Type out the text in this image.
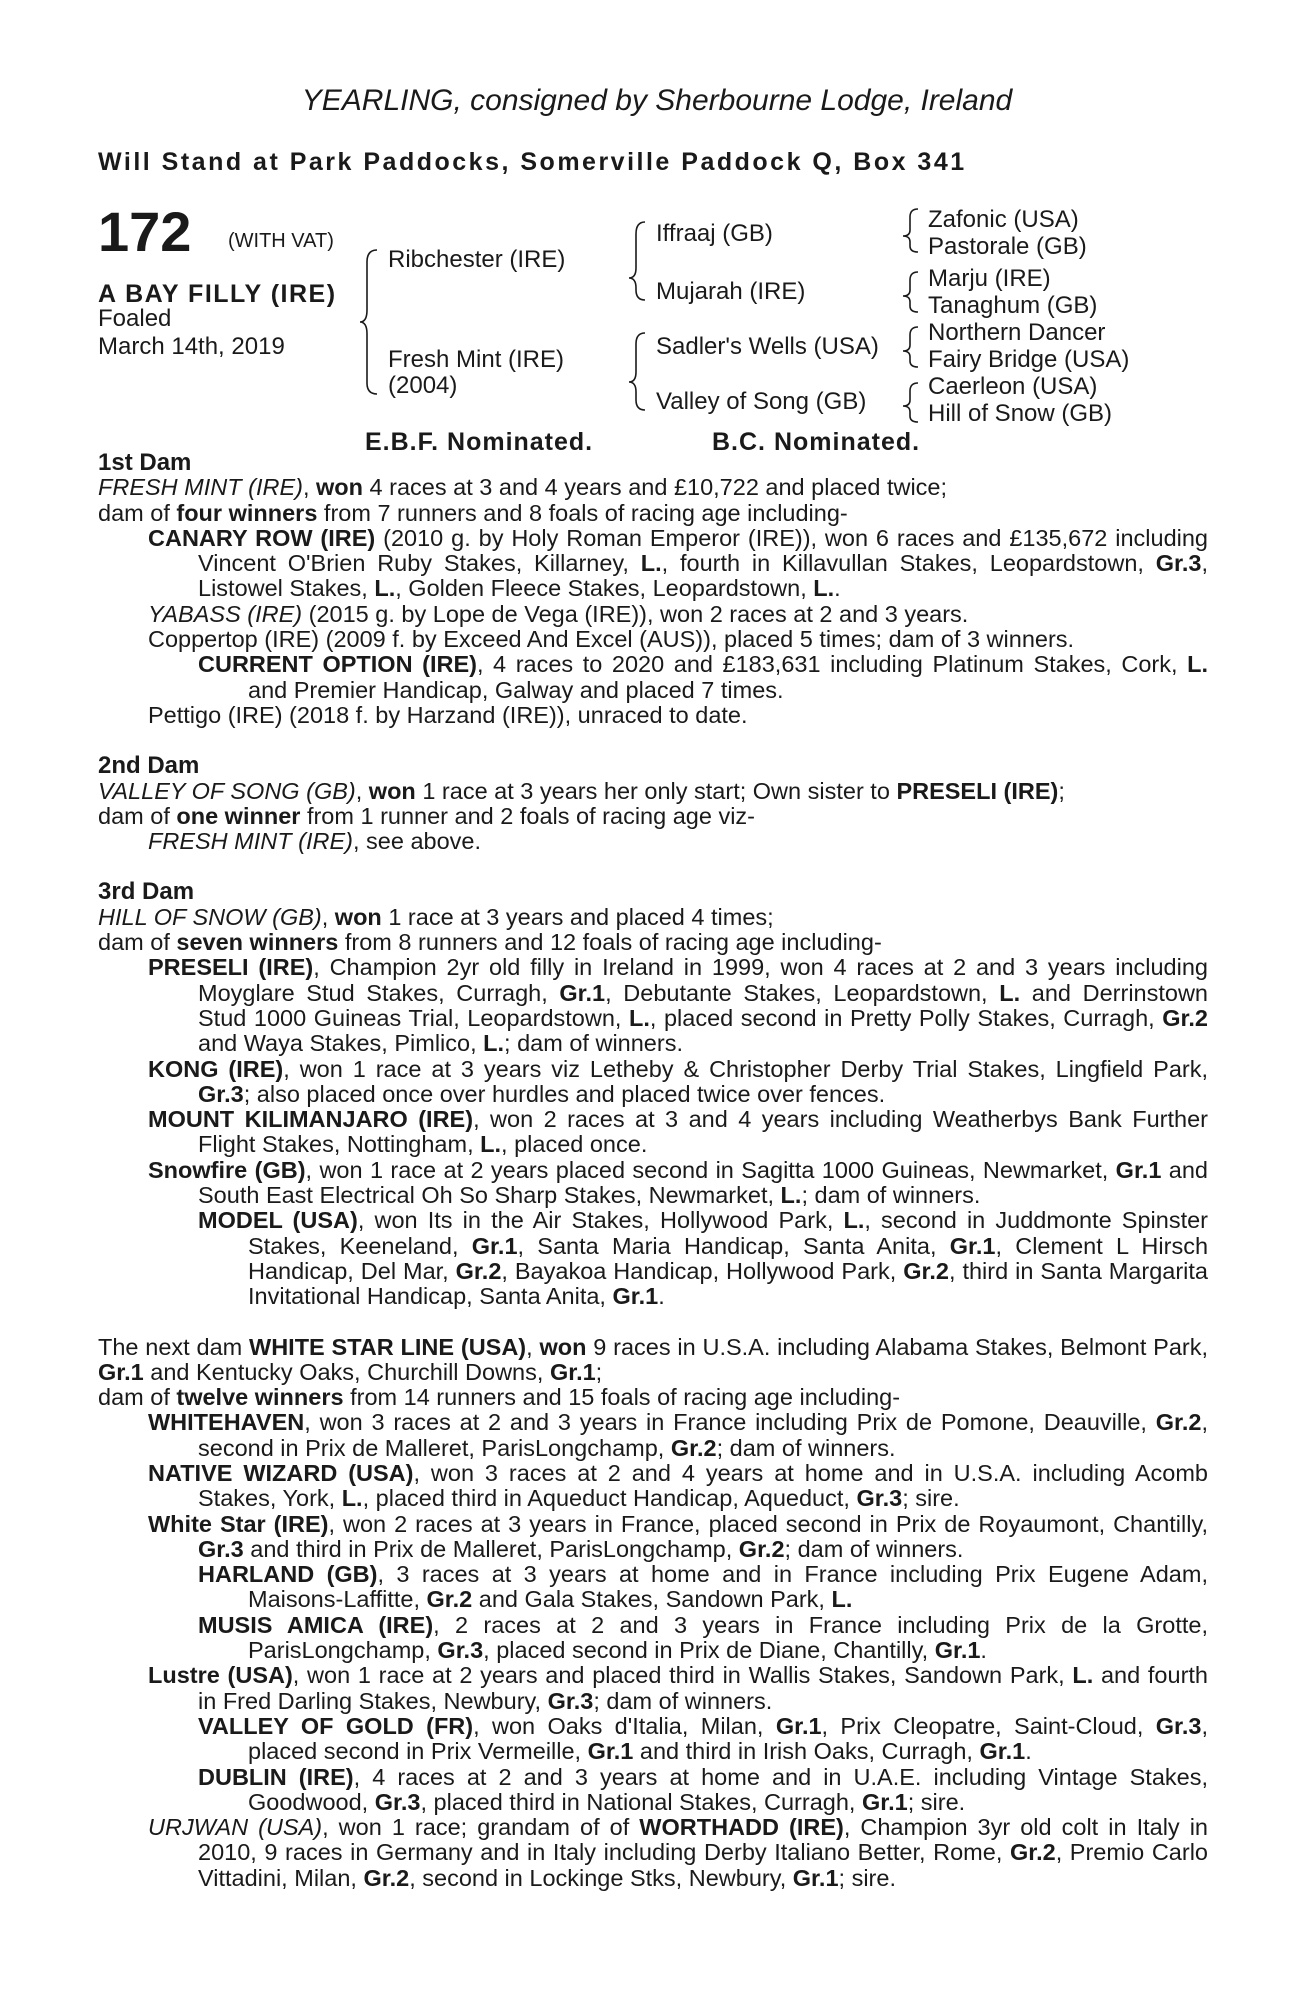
YEARLING, consigned by Sherbourne Lodge, Ireland
Will Stand at Park Paddocks, Somerville Paddock Q, Box 341
172 (WITH VAT)
A BAY FILLY (IRE)
Foaled
March 14th, 2019
Ribchester (IRE)
Fresh Mint (IRE)
(2004)
Iffraaj (GB)
Mujarah (IRE)
Sadler's Wells (USA)
Valley of Song (GB)
Zafonic (USA)
Pastorale (GB)
Marju (IRE)
Tanaghum (GB)
Northern Dancer
Fairy Bridge (USA)
Caerleon (USA)
Hill of Snow (GB)
E.B.F. Nominated.	B.C. Nominated.

1st Dam

FRESH MINT (IRE), won 4 races at 3 and 4 years and £10,722 and placed twice;

dam of four winners from 7 runners and 8 foals of racing age including-

CANARY ROW (IRE) (2010 g. by Holy Roman Emperor (IRE)), won 6 races and £135,672 including Vincent O'Brien Ruby Stakes, Killarney, L., fourth in Killavullan Stakes, Leopardstown, Gr.3, Listowel Stakes, L., Golden Fleece Stakes, Leopardstown, L..

YABASS (IRE) (2015 g. by Lope de Vega (IRE)), won 2 races at 2 and 3 years.

Coppertop (IRE) (2009 f. by Exceed And Excel (AUS)), placed 5 times; dam of 3 winners.

CURRENT OPTION (IRE), 4 races to 2020 and £183,631 including Platinum Stakes, Cork, L. and Premier Handicap, Galway and placed 7 times.

Pettigo (IRE) (2018 f. by Harzand (IRE)), unraced to date.

2nd Dam

VALLEY OF SONG (GB), won 1 race at 3 years her only start; Own sister to PRESELI (IRE);

dam of one winner from 1 runner and 2 foals of racing age viz-

FRESH MINT (IRE), see above.

3rd Dam

HILL OF SNOW (GB), won 1 race at 3 years and placed 4 times;

dam of seven winners from 8 runners and 12 foals of racing age including-

PRESELI (IRE), Champion 2yr old filly in Ireland in 1999, won 4 races at 2 and 3 years including Moyglare Stud Stakes, Curragh, Gr.1, Debutante Stakes, Leopardstown, L. and Derrinstown Stud 1000 Guineas Trial, Leopardstown, L., placed second in Pretty Polly Stakes, Curragh, Gr.2 and Waya Stakes, Pimlico, L.; dam of winners.

KONG (IRE), won 1 race at 3 years viz Letheby & Christopher Derby Trial Stakes, Lingfield Park, Gr.3; also placed once over hurdles and placed twice over fences.

MOUNT KILIMANJARO (IRE), won 2 races at 3 and 4 years including Weatherbys Bank Further Flight Stakes, Nottingham, L., placed once.

Snowfire (GB), won 1 race at 2 years placed second in Sagitta 1000 Guineas, Newmarket, Gr.1 and South East Electrical Oh So Sharp Stakes, Newmarket, L.; dam of winners.

MODEL (USA), won Its in the Air Stakes, Hollywood Park, L., second in Juddmonte Spinster Stakes, Keeneland, Gr.1, Santa Maria Handicap, Santa Anita, Gr.1, Clement L Hirsch Handicap, Del Mar, Gr.2, Bayakoa Handicap, Hollywood Park, Gr.2, third in Santa Margarita Invitational Handicap, Santa Anita, Gr.1.

The next dam WHITE STAR LINE (USA), won 9 races in U.S.A. including Alabama Stakes, Belmont Park, Gr.1 and Kentucky Oaks, Churchill Downs, Gr.1;

dam of twelve winners from 14 runners and 15 foals of racing age including-

WHITEHAVEN, won 3 races at 2 and 3 years in France including Prix de Pomone, Deauville, Gr.2, second in Prix de Malleret, ParisLongchamp, Gr.2; dam of winners.

NATIVE WIZARD (USA), won 3 races at 2 and 4 years at home and in U.S.A. including Acomb Stakes, York, L., placed third in Aqueduct Handicap, Aqueduct, Gr.3; sire.

White Star (IRE), won 2 races at 3 years in France, placed second in Prix de Royaumont, Chantilly, Gr.3 and third in Prix de Malleret, ParisLongchamp, Gr.2; dam of winners.

HARLAND (GB), 3 races at 3 years at home and in France including Prix Eugene Adam, Maisons-Laffitte, Gr.2 and Gala Stakes, Sandown Park, L.

MUSIS AMICA (IRE), 2 races at 2 and 3 years in France including Prix de la Grotte, ParisLongchamp, Gr.3, placed second in Prix de Diane, Chantilly, Gr.1.

Lustre (USA), won 1 race at 2 years and placed third in Wallis Stakes, Sandown Park, L. and fourth in Fred Darling Stakes, Newbury, Gr.3; dam of winners.

VALLEY OF GOLD (FR), won Oaks d'Italia, Milan, Gr.1, Prix Cleopatre, Saint-Cloud, Gr.3, placed second in Prix Vermeille, Gr.1 and third in Irish Oaks, Curragh, Gr.1.

DUBLIN (IRE), 4 races at 2 and 3 years at home and in U.A.E. including Vintage Stakes, Goodwood, Gr.3, placed third in National Stakes, Curragh, Gr.1; sire.

URJWAN (USA), won 1 race; grandam of of WORTHADD (IRE), Champion 3yr old colt in Italy in 2010, 9 races in Germany and in Italy including Derby Italiano Better, Rome, Gr.2, Premio Carlo Vittadini, Milan, Gr.2, second in Lockinge Stks, Newbury, Gr.1; sire.
